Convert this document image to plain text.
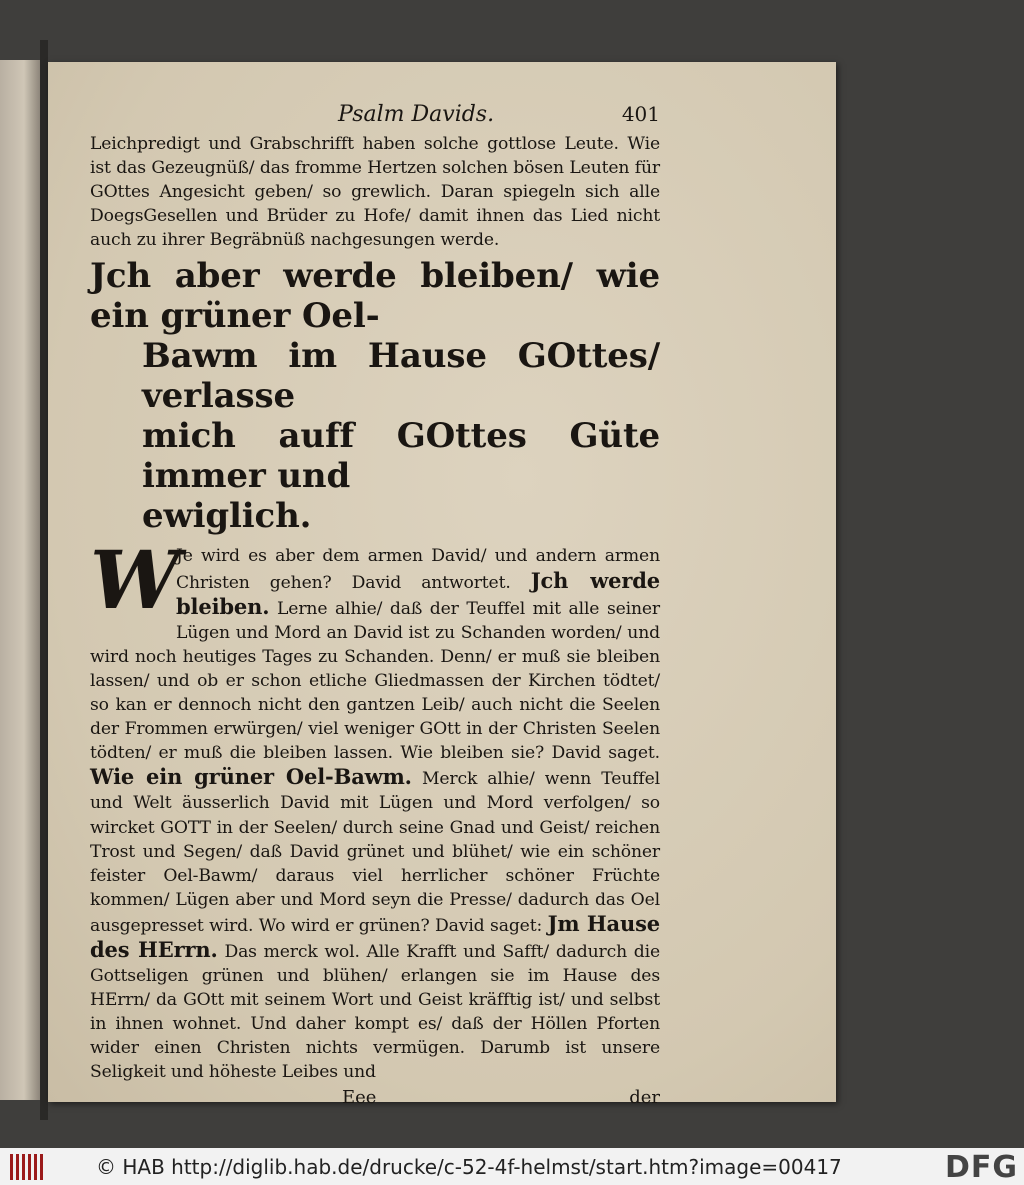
Psalm Davids.	401

Leichpredigt und Grabschrifft haben solche gottlose Leute. Wie ist das Gezeugnüß/ das fromme Hertzen solchen bösen Leuten für GOttes Angesicht geben/ so grewlich. Daran spiegeln sich alle DoegsGesellen und Brüder zu Hofe/ damit ihnen das Lied nicht auch zu ihrer Begräbnüß nachgesungen werde.

Jch aber werde bleiben/ wie ein grüner Oel-
Bawm im Hause GOttes/ verlasse
mich auff GOttes Güte immer und
ewiglich.

W
Je wird es aber dem armen David/ und andern armen Christen gehen? David antwortet. Jch werde bleiben. Lerne alhie/ daß der Teuffel mit alle seiner Lügen und Mord an David ist zu Schanden worden/ und wird noch heutiges Tages zu Schanden. Denn/ er muß sie bleiben lassen/ und ob er schon etliche Gliedmassen der Kirchen tödtet/ so kan er dennoch nicht den gantzen Leib/ auch nicht die Seelen der Frommen erwürgen/ viel weniger GOtt in der Christen Seelen tödten/ er muß die bleiben lassen. Wie bleiben sie? David saget. Wie ein grüner Oel-Bawm. Merck alhie/ wenn Teuffel und Welt äusserlich David mit Lügen und Mord verfolgen/ so wircket GOTT in der Seelen/ durch seine Gnad und Geist/ reichen Trost und Segen/ daß David grünet und blühet/ wie ein schöner feister Oel-Bawm/ daraus viel herrlicher schöner Früchte kommen/ Lügen aber und Mord seyn die Presse/ dadurch das Oel ausgepresset wird. Wo wird er grünen? David saget: Jm Hause des HErrn. Das merck wol. Alle Krafft und Safft/ dadurch die Gottseligen grünen und blühen/ erlangen sie im Hause des HErrn/ da GOtt mit seinem Wort und Geist kräfftig ist/ und selbst in ihnen wohnet. Und daher kompt es/ daß der Höllen Pforten wider einen Christen nichts vermügen. Darumb ist unsere Seligkeit und höheste Leibes und

Eee	der
© HAB http://diglib.hab.de/drucke/c-52-4f-helmst/start.htm?image=00417	DFG
